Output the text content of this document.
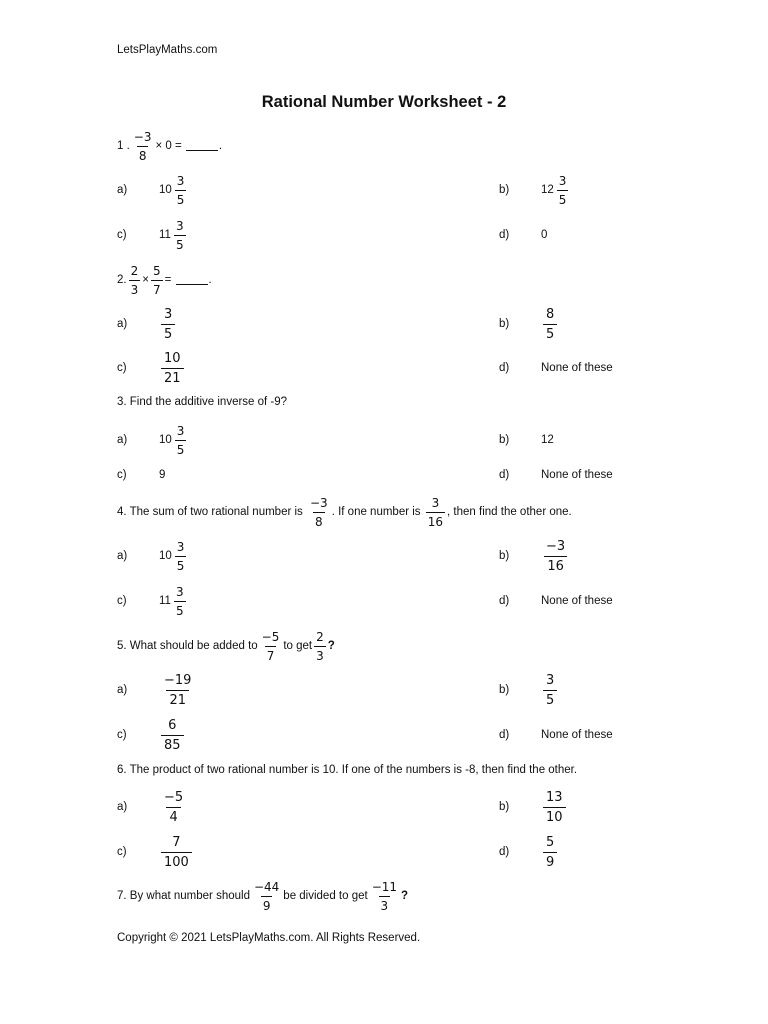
LetsPlayMaths.com
Rational Number Worksheet - 2
1 . $\frac{-3}{8} \times 0$ =
	.
a)	$10 \frac{3}{5}$	b)	$12 \frac{3}{5}$
c)	$11 \frac{3}{5}$	d)	0
2. $\frac{2}{3} \times \frac{5}{7}$ =
	.
a)	$\frac{3}{5}$	b)	$\frac{8}{5}$
c)	$\frac{10}{21}$	d)	None of these
3. Find the additive inverse of -9?
a)	$10 \frac{3}{5}$	b)	12
c)	9	d)	None of these
4. The sum of two rational number is
$\frac{-3}{8}$ . If one number is
$\frac{3}{16}$ , then find the other one.
a)	$10 \frac{3}{5}$	b)	$\frac{-3}{16}$
c)	$11 \frac{3}{5}$	d)	None of these
5. What should be added to $\frac{-5}{7}$ to get $\frac{2}{3}$ ?
a)	$\frac{-19}{21}$	b)	$\frac{3}{5}$
c)	$\frac{6}{85}$	d)	None of these
6. The product of two rational number is 10. If one of the numbers is -8, then find the other.
a)	$\frac{-5}{4}$	b)	$\frac{13}{10}$
c)	$\frac{7}{100}$	d)	$\frac{5}{9}$
7. By what number should $\frac{-44}{9}$ be divided to get $\frac{-11}{3}$ ?
Copyright © 2021 LetsPlayMaths.com. All Rights Reserved.
